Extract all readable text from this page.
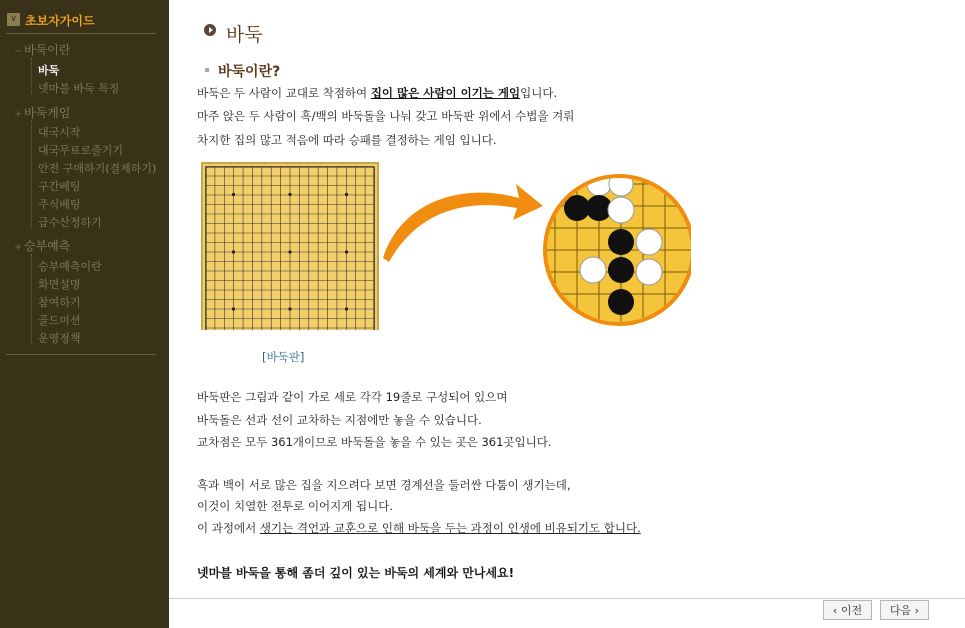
∨ 초보자가이드
− 바둑이란
바둑
넷마블 바둑 특징
+ 바둑게임
대국시작
대국무료로즐기기
안전 구매하기(결제하기)
구간베팅
주식베팅
급수산정하기
+ 승부예측
승부예측이란
화면설명
참여하기
골드미션
운영정책
바둑
바둑이란?
바둑은 두 사람이 교대로 착점하여 집이 많은 사람이 이기는 게임입니다.
마주 앉은 두 사람이 흑/백의 바둑돌을 나눠 갖고 바둑판 위에서 수법을 겨뤄
차지한 집의 많고 적음에 따라 승패를 결정하는 게임 입니다.
[바둑판]
바둑판은 그림과 같이 가로 세로 각각 19줄로 구성되어 있으며
바둑돌은 선과 선이 교차하는 지점에만 놓을 수 있습니다.
교차점은 모두 361개이므로 바둑돌을 놓을 수 있는 곳은 361곳입니다.
흑과 백이 서로 많은 집을 지으려다 보면 경계선을 둘러싼 다툼이 생기는데,
이것이 치열한 전투로 이어지게 됩니다.
이 과정에서 생기는 격언과 교훈으로 인해 바둑을 두는 과정이 인생에 비유되기도 합니다.
넷마블 바둑을 통해 좀더 깊이 있는 바둑의 세계와 만나세요!
‹ 이전	다음 ›
